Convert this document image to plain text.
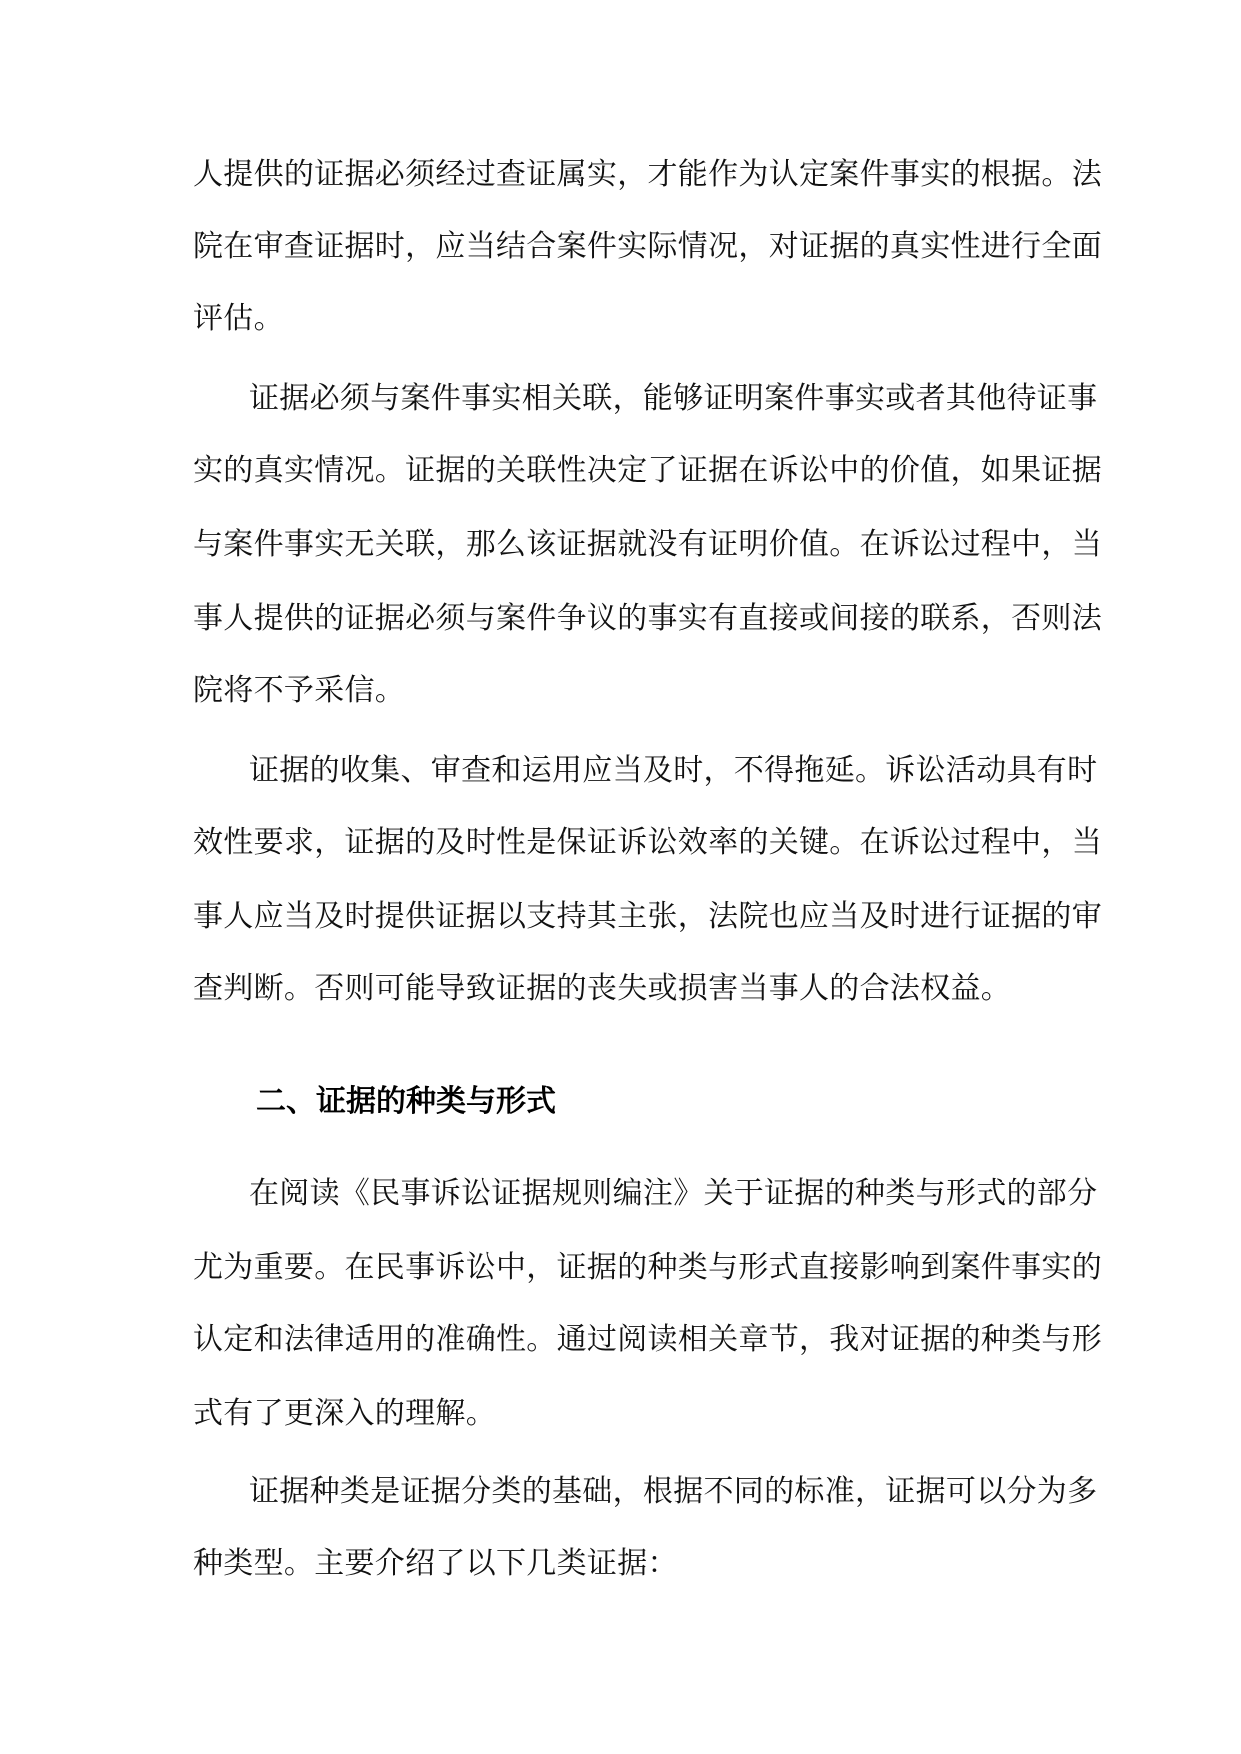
人提供的证据必须经过查证属实，才能作为认定案件事实的根据。法
院在审查证据时，应当结合案件实际情况，对证据的真实性进行全面
评估。
证据必须与案件事实相关联，能够证明案件事实或者其他待证事
实的真实情况。证据的关联性决定了证据在诉讼中的价值，如果证据
与案件事实无关联，那么该证据就没有证明价值。在诉讼过程中，当
事人提供的证据必须与案件争议的事实有直接或间接的联系，否则法
院将不予采信。
证据的收集、审查和运用应当及时，不得拖延。诉讼活动具有时
效性要求，证据的及时性是保证诉讼效率的关键。在诉讼过程中，当
事人应当及时提供证据以支持其主张，法院也应当及时进行证据的审
查判断。否则可能导致证据的丧失或损害当事人的合法权益。
二、证据的种类与形式
在阅读《民事诉讼证据规则编注》关于证据的种类与形式的部分
尤为重要。在民事诉讼中，证据的种类与形式直接影响到案件事实的
认定和法律适用的准确性。通过阅读相关章节，我对证据的种类与形
式有了更深入的理解。
证据种类是证据分类的基础，根据不同的标准，证据可以分为多
种类型。主要介绍了以下几类证据：
